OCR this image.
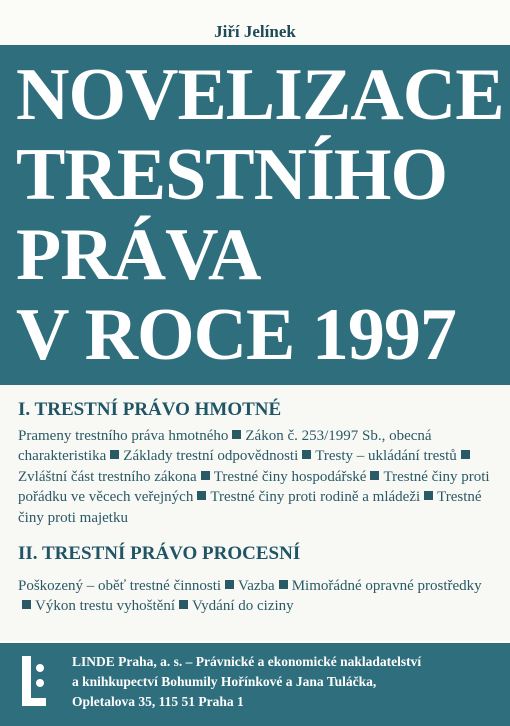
Jiří Jelínek
NOVELIZACE
TRESTNÍHO
PRÁVA
V ROCE 1997
I. TRESTNÍ PRÁVO HMOTNÉ
Prameny trestního práva hmotného Zákon č. 253/1997 Sb., obecná charakteristika Základy trestní odpovědnosti Tresty – ukládání trestůZvláštní část trestního zákona Trestné činy hospodářské Trestné činy proti pořádku ve věcech veřejných Trestné činy proti rodině a mládeži Trestné činy proti majetku
II. TRESTNÍ PRÁVO PROCESNÍ
Poškozený – oběť trestné činnosti Vazba Mimořádné opravné prostředkyVýkon trestu vyhoštění Vydání do ciziny
LINDE Praha, a. s. – Právnické a ekonomické nakladatelství
a knihkupectví Bohumily Hořínkové a Jana Tuláčka,
Opletalova 35, 115 51 Praha 1
